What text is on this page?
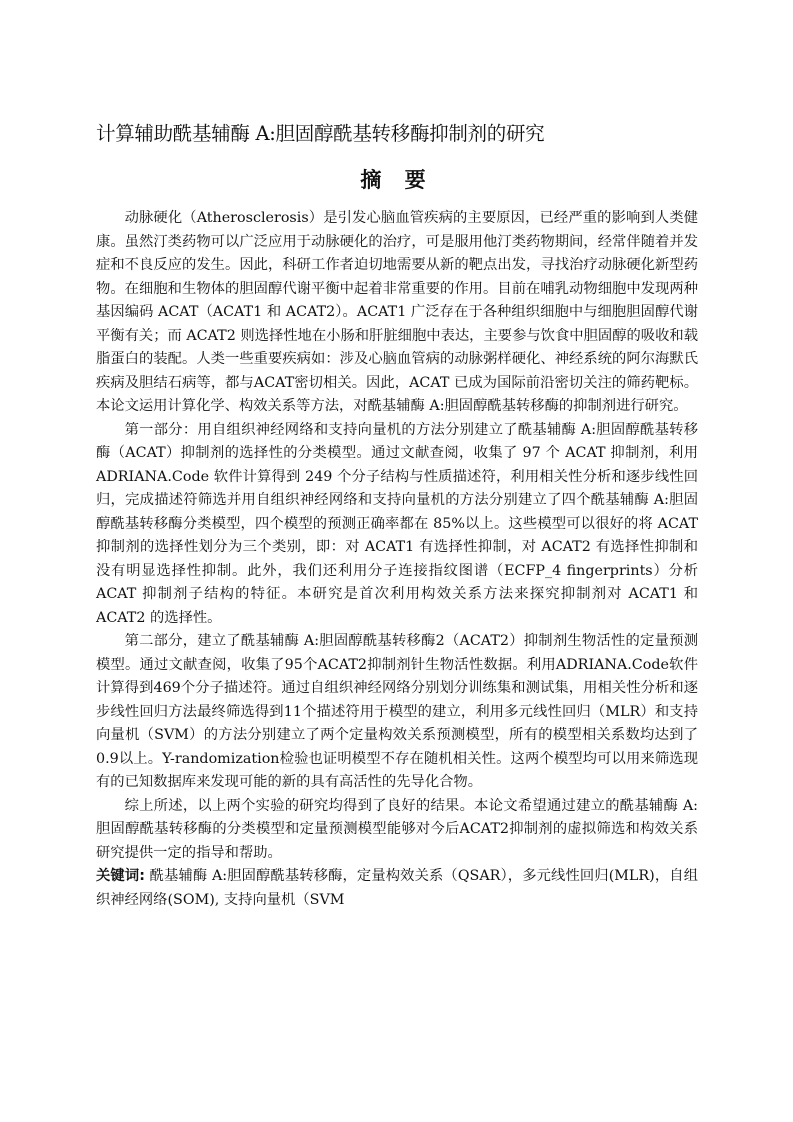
计算辅助酰基辅酶 A:胆固醇酰基转移酶抑制剂的研究
摘 要

动脉硬化（Atherosclerosis）是引发心脑血管疾病的主要原因，已经严重的影响到人类健康。虽然汀类药物可以广泛应用于动脉硬化的治疗，可是服用他汀类药物期间，经常伴随着并发症和不良反应的发生。因此，科研工作者迫切地需要从新的靶点出发，寻找治疗动脉硬化新型药物。在细胞和生物体的胆固醇代谢平衡中起着非常重要的作用。目前在哺乳动物细胞中发现两种基因编码 ACAT（ACAT1 和 ACAT2）。ACAT1 广泛存在于各种组织细胞中与细胞胆固醇代谢平衡有关；而 ACAT2 则选择性地在小肠和肝脏细胞中表达，主要参与饮食中胆固醇的吸收和载脂蛋白的装配。人类一些重要疾病如：涉及心脑血管病的动脉粥样硬化、神经系统的阿尔海默氏疾病及胆结石病等，都与ACAT密切相关。因此，ACAT 已成为国际前沿密切关注的筛药靶标。本论文运用计算化学、构效关系等方法，对酰基辅酶 A:胆固醇酰基转移酶的抑制剂进行研究。

第一部分：用自组织神经网络和支持向量机的方法分别建立了酰基辅酶 A:胆固醇酰基转移酶（ACAT）抑制剂的选择性的分类模型。通过文献查阅，收集了 97 个 ACAT 抑制剂，利用 ADRIANA.Code 软件计算得到 249 个分子结构与性质描述符，利用相关性分析和逐步线性回归，完成描述符筛选并用自组织神经网络和支持向量机的方法分别建立了四个酰基辅酶 A:胆固醇酰基转移酶分类模型，四个模型的预测正确率都在 85%以上。这些模型可以很好的将 ACAT 抑制剂的选择性划分为三个类别，即：对 ACAT1 有选择性抑制，对 ACAT2 有选择性抑制和没有明显选择性抑制。此外，我们还利用分子连接指纹图谱（ECFP_4 fingerprints）分析 ACAT 抑制剂子结构的特征。本研究是首次利用构效关系方法来探究抑制剂对 ACAT1 和 ACAT2 的选择性。

第二部分，建立了酰基辅酶 A:胆固醇酰基转移酶2（ACAT2）抑制剂生物活性的定量预测模型。通过文献查阅，收集了95个ACAT2抑制剂针生物活性数据。利用ADRIANA.Code软件计算得到469个分子描述符。通过自组织神经网络分别划分训练集和测试集，用相关性分析和逐步线性回归方法最终筛选得到11个描述符用于模型的建立，利用多元线性回归（MLR）和支持向量机（SVM）的方法分别建立了两个定量构效关系预测模型，所有的模型相关系数均达到了0.9以上。Y-randomization检验也证明模型不存在随机相关性。这两个模型均可以用来筛选现有的已知数据库来发现可能的新的具有高活性的先导化合物。

综上所述，以上两个实验的研究均得到了良好的结果。本论文希望通过建立的酰基辅酶 A:胆固醇酰基转移酶的分类模型和定量预测模型能够对今后ACAT2抑制剂的虚拟筛选和构效关系研究提供一定的指导和帮助。

关键词: 酰基辅酶 A:胆固醇酰基转移酶，定量构效关系（QSAR），多元线性回归(MLR)，自组织神经网络(SOM), 支持向量机（SVM
